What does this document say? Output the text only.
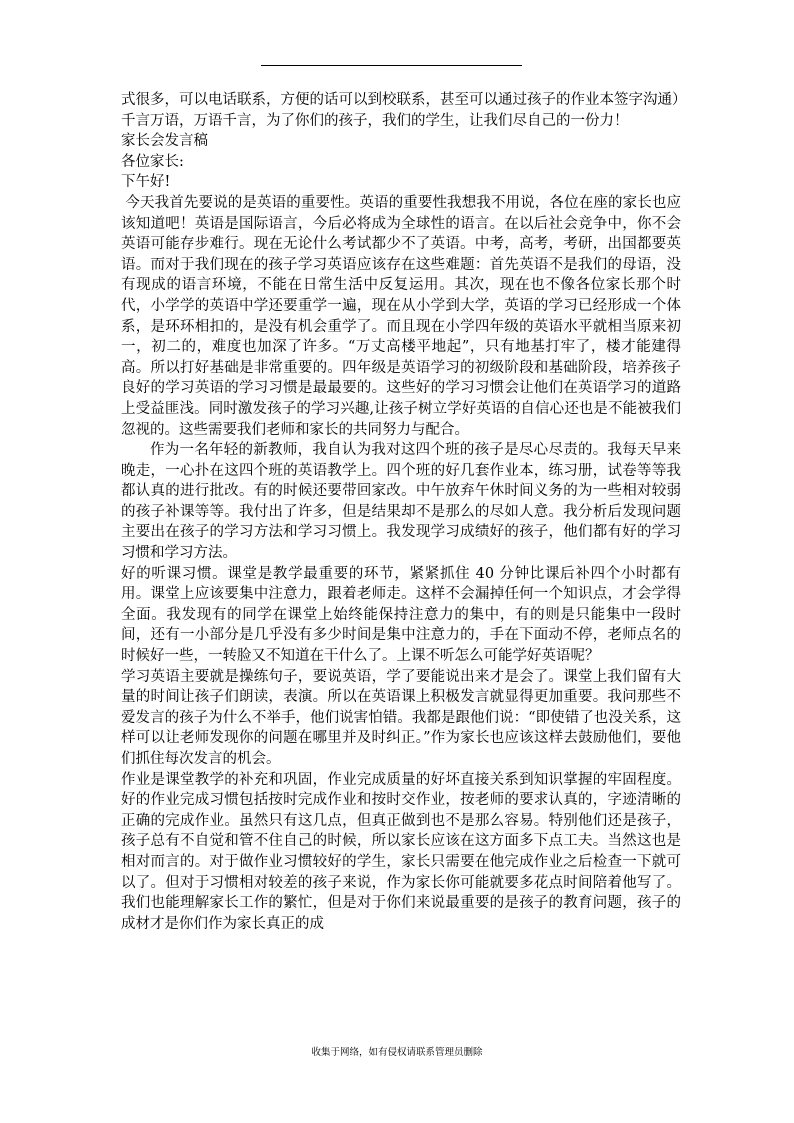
式很多，可以电话联系，方便的话可以到校联系，甚至可以通过孩子的作业本签字沟通）

千言万语，万语千言，为了你们的孩子，我们的学生，让我们尽自己的一份力！

家长会发言稿

各位家长:

下午好!

今天我首先要说的是英语的重要性。英语的重要性我想我不用说，各位在座的家长也应该知道吧！英语是国际语言，今后必将成为全球性的语言。在以后社会竞争中，你不会英语可能存步难行。现在无论什么考试都少不了英语。中考，高考，考研，出国都要英语。而对于我们现在的孩子学习英语应该存在这些难题：首先英语不是我们的母语，没有现成的语言环境，不能在日常生活中反复运用。其次，现在也不像各位家长那个时代，小学学的英语中学还要重学一遍，现在从小学到大学，英语的学习已经形成一个体系，是环环相扣的，是没有机会重学了。而且现在小学四年级的英语水平就相当原来初一，初二的，难度也加深了许多。“万丈高楼平地起”，只有地基打牢了，楼才能建得高。所以打好基础是非常重要的。四年级是英语学习的初级阶段和基础阶段，培养孩子良好的学习英语的学习习惯是最最要的。这些好的学习习惯会让他们在英语学习的道路上受益匪浅。同时激发孩子的学习兴趣,让孩子树立学好英语的自信心还也是不能被我们忽视的。这些需要我们老师和家长的共同努力与配合。

作为一名年轻的新教师，我自认为我对这四个班的孩子是尽心尽责的。我每天早来晚走，一心扑在这四个班的英语教学上。四个班的好几套作业本，练习册，试卷等等我都认真的进行批改。有的时候还要带回家改。中午放弃午休时间义务的为一些相对较弱的孩子补课等等。我付出了许多，但是结果却不是那么的尽如人意。我分析后发现问题主要出在孩子的学习方法和学习习惯上。我发现学习成绩好的孩子，他们都有好的学习习惯和学习方法。

好的听课习惯。课堂是教学最重要的环节，紧紧抓住 40 分钟比课后补四个小时都有用。课堂上应该要集中注意力，跟着老师走。这样不会漏掉任何一个知识点，才会学得全面。我发现有的同学在课堂上始终能保持注意力的集中，有的则是只能集中一段时间，还有一小部分是几乎没有多少时间是集中注意力的，手在下面动不停，老师点名的时候好一些，一转脸又不知道在干什么了。上课不听怎么可能学好英语呢？

学习英语主要就是操练句子，要说英语，学了要能说出来才是会了。课堂上我们留有大量的时间让孩子们朗读，表演。所以在英语课上积极发言就显得更加重要。我问那些不爱发言的孩子为什么不举手，他们说害怕错。我都是跟他们说：“即使错了也没关系，这样可以让老师发现你的问题在哪里并及时纠正。”作为家长也应该这样去鼓励他们，要他们抓住每次发言的机会。

作业是课堂教学的补充和巩固，作业完成质量的好坏直接关系到知识掌握的牢固程度。好的作业完成习惯包括按时完成作业和按时交作业，按老师的要求认真的，字迹清晰的正确的完成作业。虽然只有这几点，但真正做到也不是那么容易。特别他们还是孩子，孩子总有不自觉和管不住自己的时候，所以家长应该在这方面多下点工夫。当然这也是相对而言的。对于做作业习惯较好的学生，家长只需要在他完成作业之后检查一下就可以了。但对于习惯相对较差的孩子来说，作为家长你可能就要多花点时间陪着他写了。我们也能理解家长工作的繁忙，但是对于你们来说最重要的是孩子的教育问题，孩子的成材才是你们作为家长真正的成

收集于网络，如有侵权请联系管理员删除
